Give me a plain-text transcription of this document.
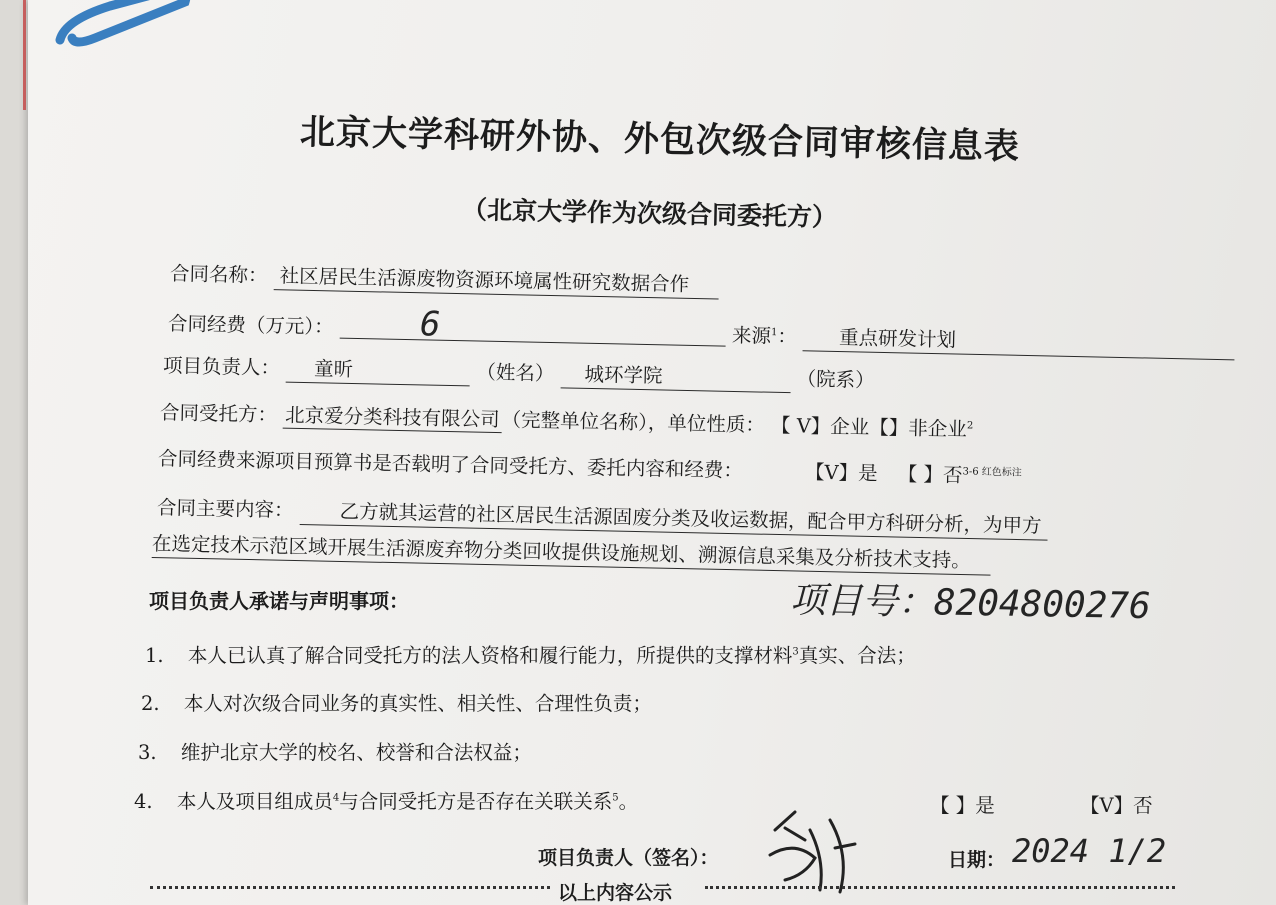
北京大学科研外协、外包次级合同审核信息表
（北京大学作为次级合同委托方）
合同名称： 社区居民生活源废物资源环境属性研究数据合作
合同经费（万元）：	6	来源$^1$： 重点研发计划
项目负责人： 童昕	（姓名） 城环学院	（院系）
合同受托方： 北京爱分类科技有限公司（完整单位名称），单位性质： 【 V】企业【】非企业$^2$
合同经费来源项目预算书是否载明了合同受托方、委托内容和经费：	【V】是 【 】否$^{3-6 红色标注}$
合同主要内容： 乙方就其运营的社区居民生活源固废分类及收运数据，配合甲方科研分析，为甲方
在选定技术示范区域开展生活源废弃物分类回收提供设施规划、溯源信息采集及分析技术支持。
项目负责人承诺与声明事项：	项目号：8204800276
1. 本人已认真了解合同受托方的法人资格和履行能力，所提供的支撑材料$^3$真实、合法；
2. 本人对次级合同业务的真实性、相关性、合理性负责；
3. 维护北京大学的校名、校誉和合法权益；
4. 本人及项目组成员$^4$与合同受托方是否存在关联关系$^5$。	【 】是	【V】否
项目负责人（签名）：	日期： 2024 1/2
以上内容公示
